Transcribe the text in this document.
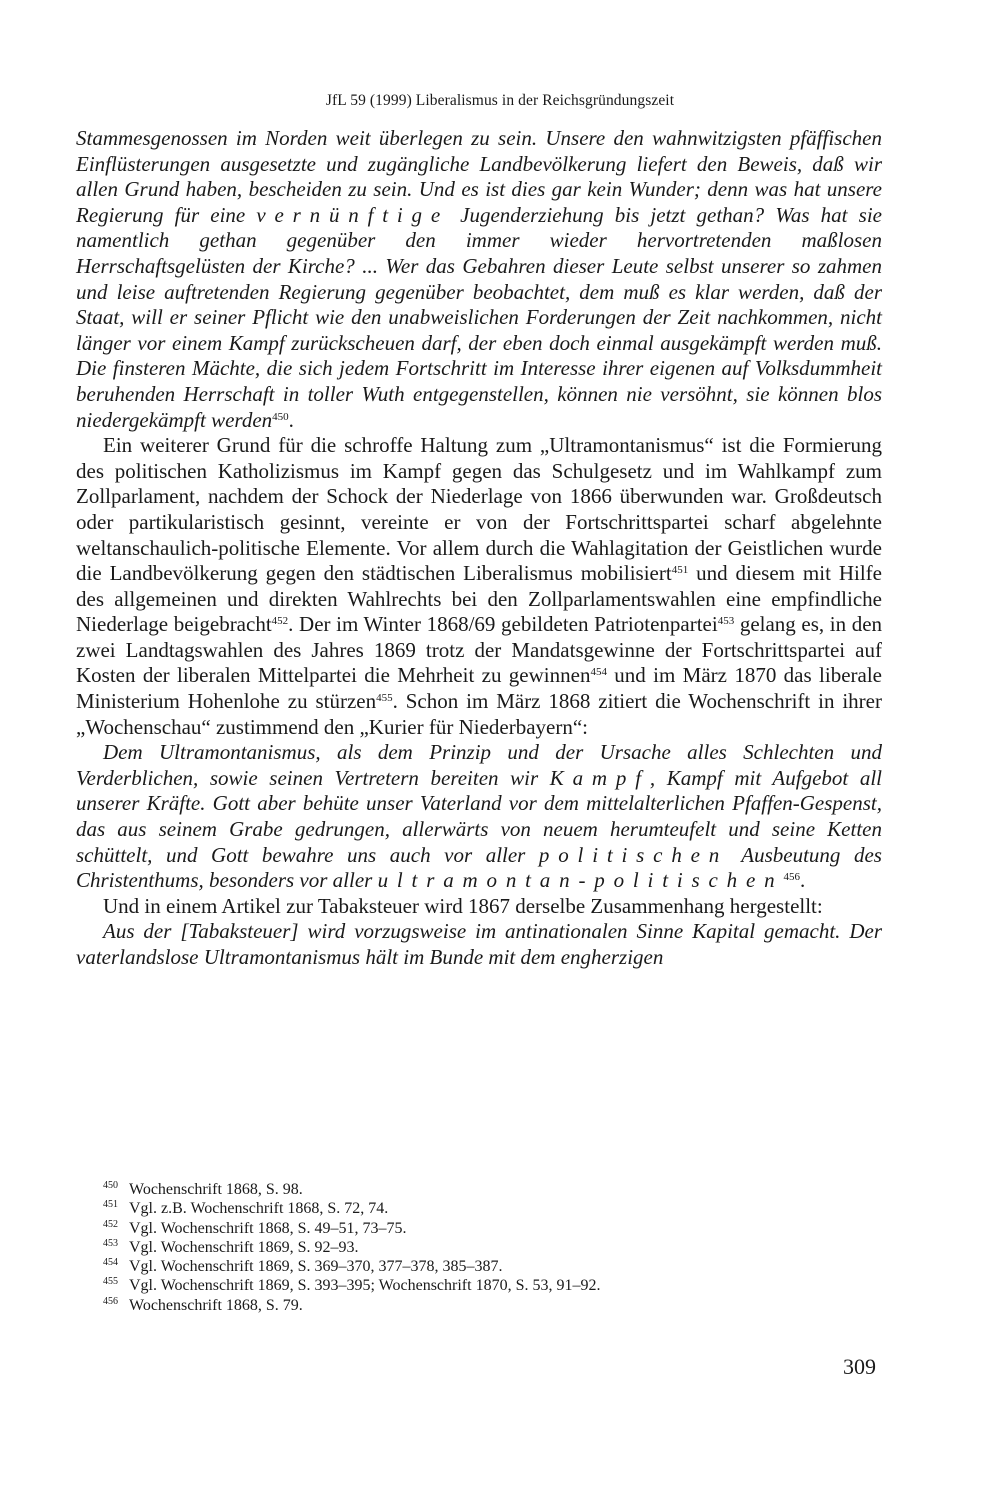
JfL 59 (1999) Liberalismus in der Reichsgründungszeit

Stammesgenossen im Norden weit überlegen zu sein. Unsere den wahnwitzigsten pfäffischen Einflüsterungen ausgesetzte und zugängliche Landbevölkerung liefert den Beweis, daß wir allen Grund haben, bescheiden zu sein. Und es ist dies gar kein Wunder; denn was hat unsere Regierung für eine vernünftige Jugenderziehung bis jetzt gethan? Was hat sie namentlich gethan gegenüber den immer wieder hervortretenden maßlosen Herrschaftsgelüsten der Kirche? ... Wer das Gebahren dieser Leute selbst unserer so zahmen und leise auftretenden Regierung gegenüber beobachtet, dem muß es klar werden, daß der Staat, will er seiner Pflicht wie den unabweislichen Forderungen der Zeit nachkommen, nicht länger vor einem Kampf zurückscheuen darf, der eben doch einmal ausgekämpft werden muß. Die finsteren Mächte, die sich jedem Fortschritt im Interesse ihrer eigenen auf Volksdummheit beruhenden Herrschaft in toller Wuth entgegenstellen, können nie versöhnt, sie können blos niedergekämpft werden$^{450}$.

Ein weiterer Grund für die schroffe Haltung zum „Ultramontanismus“ ist die Formierung des politischen Katholizismus im Kampf gegen das Schulgesetz und im Wahlkampf zum Zollparlament, nachdem der Schock der Niederlage von 1866 überwunden war. Großdeutsch oder partikularistisch gesinnt, vereinte er von der Fortschrittspartei scharf abgelehnte weltanschaulich-politische Elemente. Vor allem durch die Wahlagitation der Geistlichen wurde die Landbevölkerung gegen den städtischen Liberalismus mobilisiert$^{451}$ und diesem mit Hilfe des allgemeinen und direkten Wahlrechts bei den Zollparlamentswahlen eine empfindliche Niederlage beigebracht$^{452}$. Der im Winter 1868/69 gebildeten Patriotenpartei$^{453}$ gelang es, in den zwei Landtagswahlen des Jahres 1869 trotz der Mandatsgewinne der Fortschrittspartei auf Kosten der liberalen Mittelpartei die Mehrheit zu gewinnen$^{454}$ und im März 1870 das liberale Ministerium Hohenlohe zu stürzen$^{455}$. Schon im März 1868 zitiert die Wochenschrift in ihrer „Wochenschau“ zustimmend den „Kurier für Niederbayern“:

Dem Ultramontanismus, als dem Prinzip und der Ursache alles Schlechten und Verderblichen, sowie seinen Vertretern bereiten wir Kampf, Kampf mit Aufgebot all unserer Kräfte. Gott aber behüte unser Vaterland vor dem mittelalterlichen Pfaffen-Gespenst, das aus seinem Grabe gedrungen, allerwärts von neuem herumteufelt und seine Ketten schüttelt, und Gott bewahre uns auch vor aller politischen Ausbeutung des Christenthums, besonders vor aller ultramontan-politischen$^{456}$.

Und in einem Artikel zur Tabaksteuer wird 1867 derselbe Zusammenhang hergestellt:

Aus der [Tabaksteuer] wird vorzugsweise im antinationalen Sinne Kapital gemacht. Der vaterlandslose Ultramontanismus hält im Bunde mit dem engherzigen

450 Wochenschrift 1868, S. 98.
451 Vgl. z.B. Wochenschrift 1868, S. 72, 74.
452 Vgl. Wochenschrift 1868, S. 49–51, 73–75.
453 Vgl. Wochenschrift 1869, S. 92–93.
454 Vgl. Wochenschrift 1869, S. 369–370, 377–378, 385–387.
455 Vgl. Wochenschrift 1869, S. 393–395; Wochenschrift 1870, S. 53, 91–92.
456 Wochenschrift 1868, S. 79.
309
